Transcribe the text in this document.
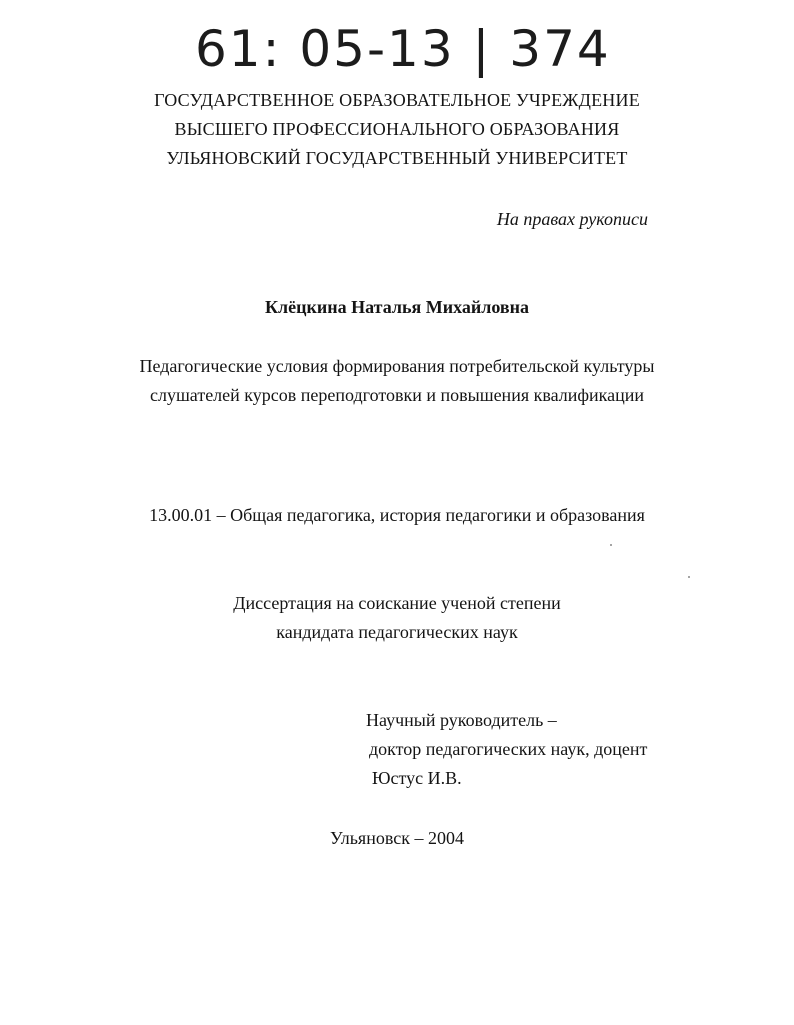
61: 05-13 | 374
ГОСУДАРСТВЕННОЕ ОБРАЗОВАТЕЛЬНОЕ УЧРЕЖДЕНИЕ
ВЫСШЕГО ПРОФЕССИОНАЛЬНОГО ОБРАЗОВАНИЯ
УЛЬЯНОВСКИЙ ГОСУДАРСТВЕННЫЙ УНИВЕРСИТЕТ
На правах рукописи
Клёцкина Наталья Михайловна
Педагогические условия формирования потребительской культуры
слушателей курсов переподготовки и повышения квалификации
13.00.01 – Общая педагогика, история педагогики и образования
Диссертация на соискание ученой степени
кандидата педагогических наук
Научный руководитель –
доктор педагогических наук, доцент
Юстус И.В.
Ульяновск – 2004
